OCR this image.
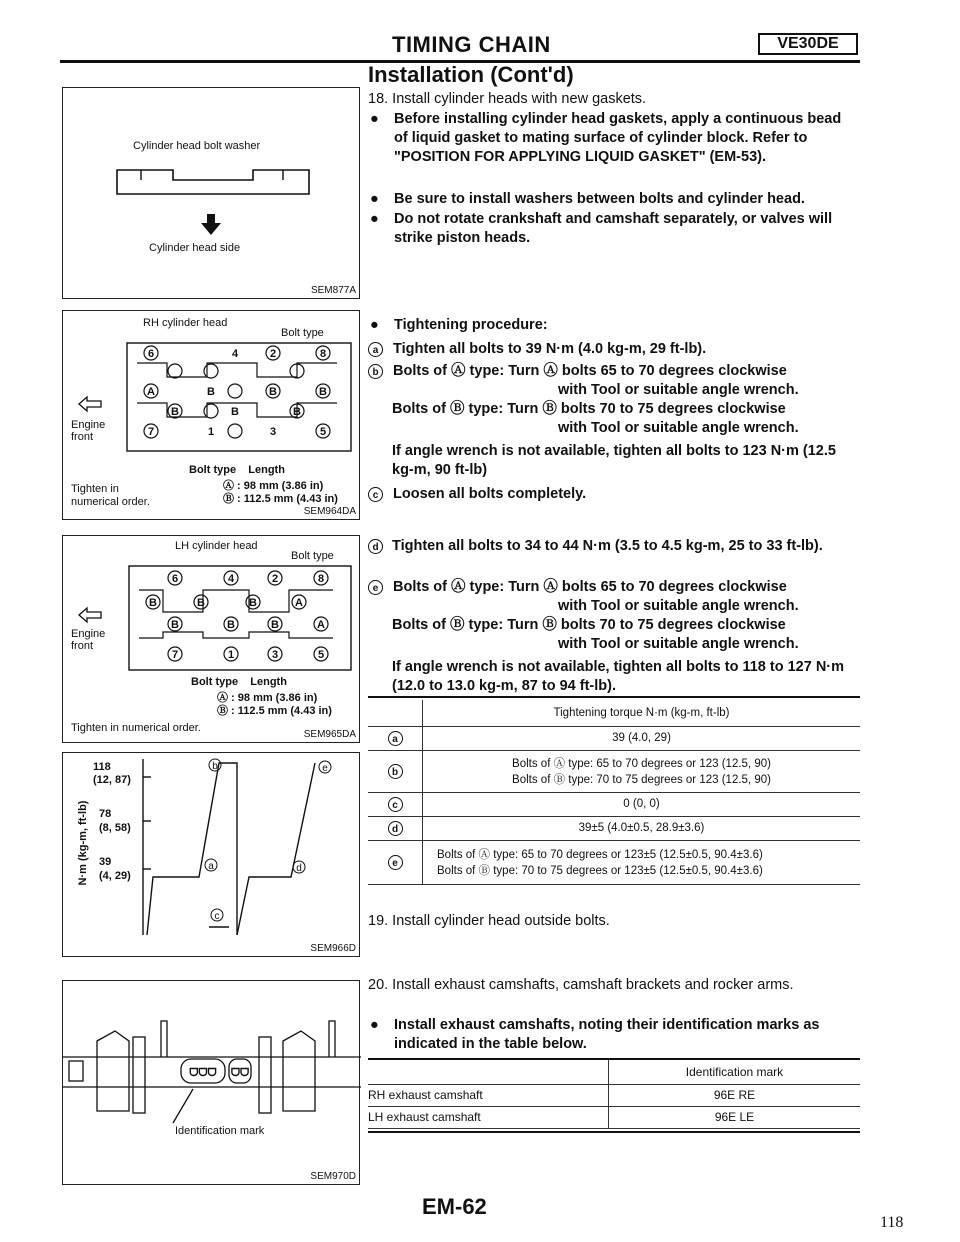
TIMING CHAIN	VE30DE
Installation (Cont'd)
Cylinder head bolt washer
Cylinder head side
SEM877A
RH cylinder head
Bolt type
6	4	2	8
A	B	B	B
B	B	B
7	1	3	5
Engine
front
Bolt type    Length
Ⓐ : 98 mm (3.86 in)
Ⓑ : 112.5 mm (4.43 in)
Tighten in
numerical order.
SEM964DA
LH cylinder head
Bolt type
6	4	2	8
B	B	B	A
B	B	B	A
7	1	3	5
Engine
front
Bolt type    Length
Ⓐ : 98 mm (3.86 in)
Ⓑ : 112.5 mm (4.43 in)
Tighten in numerical order.
SEM965DA
N·m (kg-m, ft-lb)
118
(12, 87)
78
(8, 58)
39
(4, 29)
b	e
a	d
c
SEM966D
ᗜᗜᗜ ᗜᗜ
Identification mark
SEM970D
18. Install cylinder heads with new gaskets.
● Before installing cylinder head gaskets, apply a continuous bead of liquid gasket to mating surface of cylinder block. Refer to "POSITION FOR APPLYING LIQUID GASKET" (EM-53).
● Be sure to install washers between bolts and cylinder head.
● Do not rotate crankshaft and camshaft separately, or valves will strike piston heads.
● Tightening procedure:
a Tighten all bolts to 39 N·m (4.0 kg-m, 29 ft-lb).
b Bolts of Ⓐ type: Turn Ⓐ bolts 65 to 70 degrees clockwise
with Tool or suitable angle wrench.
Bolts of Ⓑ type: Turn Ⓑ bolts 70 to 75 degrees clockwise
with Tool or suitable angle wrench.
If angle wrench is not available, tighten all bolts to 123 N·m (12.5 kg-m, 90 ft-lb)
c Loosen all bolts completely.
d Tighten all bolts to 34 to 44 N·m (3.5 to 4.5 kg-m, 25 to 33 ft-lb).
e Bolts of Ⓐ type: Turn Ⓐ bolts 65 to 70 degrees clockwise
with Tool or suitable angle wrench.
Bolts of Ⓑ type: Turn Ⓑ bolts 70 to 75 degrees clockwise
with Tool or suitable angle wrench.
If angle wrench is not available, tighten all bolts to 118 to 127 N·m (12.0 to 13.0 kg-m, 87 to 94 ft-lb).
	Tightening torque N·m (kg-m, ft-lb)
a	39 (4.0, 29)
b	Bolts of Ⓐ type: 65 to 70 degrees or 123 (12.5, 90)
Bolts of Ⓑ type: 70 to 75 degrees or 123 (12.5, 90)

c	0 (0, 0)
d	39±5 (4.0±0.5, 28.9±3.6)
e	Bolts of Ⓐ type: 65 to 70 degrees or 123±5 (12.5±0.5, 90.4±3.6)
Bolts of Ⓑ type: 70 to 75 degrees or 123±5 (12.5±0.5, 90.4±3.6)
19. Install cylinder head outside bolts.
20. Install exhaust camshafts, camshaft brackets and rocker arms.
● Install exhaust camshafts, noting their identification marks as indicated in the table below.
	Identification mark
RH exhaust camshaft	96E RE
LH exhaust camshaft	96E LE
EM-62
118
